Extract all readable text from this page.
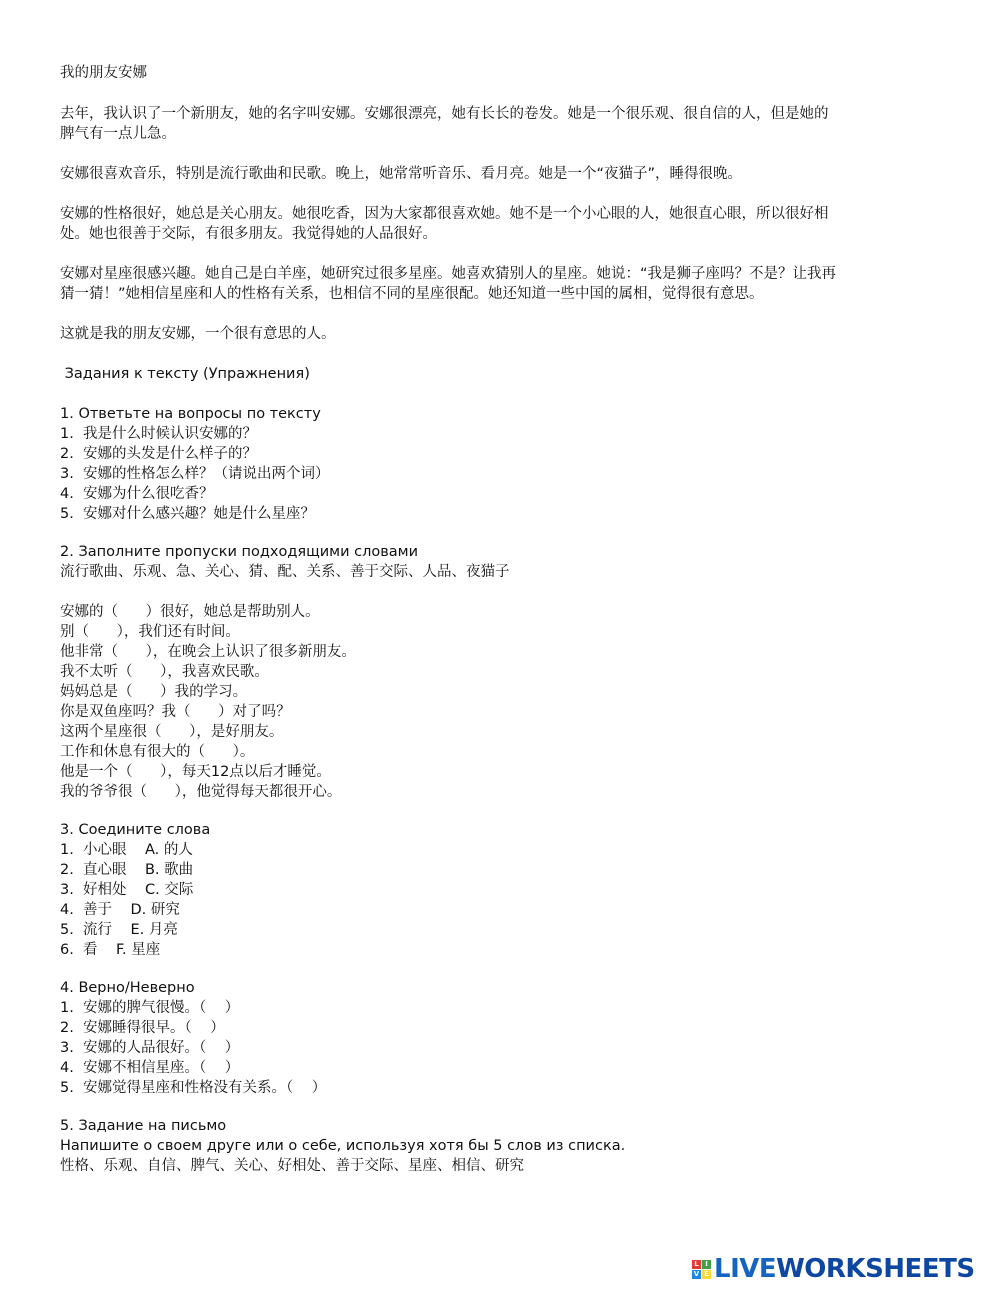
我的朋友安娜

去年，我认识了一个新朋友，她的名字叫安娜。安娜很漂亮，她有长长的卷发。她是一个很乐观、很自信的人，但是她的

脾气有一点儿急。

安娜很喜欢音乐，特别是流行歌曲和民歌。晚上，她常常听音乐、看月亮。她是一个“夜猫子”，睡得很晚。

安娜的性格很好，她总是关心朋友。她很吃香，因为大家都很喜欢她。她不是一个小心眼的人，她很直心眼，所以很好相

处。她也很善于交际，有很多朋友。我觉得她的人品很好。

安娜对星座很感兴趣。她自己是白羊座，她研究过很多星座。她喜欢猜别人的星座。她说：“我是狮子座吗？不是？让我再

猜一猜！”她相信星座和人的性格有关系，也相信不同的星座很配。她还知道一些中国的属相，觉得很有意思。

这就是我的朋友安娜，一个很有意思的人。

Задания к тексту (Упражнения)

1. Ответьте на вопросы по тексту

1.  我是什么时候认识安娜的？

2.  安娜的头发是什么样子的？

3.  安娜的性格怎么样？（请说出两个词）

4.  安娜为什么很吃香？

5.  安娜对什么感兴趣？她是什么星座？

2. Заполните пропуски подходящими словами

流行歌曲、乐观、急、关心、猜、配、关系、善于交际、人品、夜猫子

安娜的（      ）很好，她总是帮助别人。

别（      ），我们还有时间。

他非常（      ），在晚会上认识了很多新朋友。

我不太听（      ），我喜欢民歌。

妈妈总是（      ）我的学习。

你是双鱼座吗？我（      ）对了吗？

这两个星座很（      ），是好朋友。

工作和休息有很大的（      ）。

他是一个（      ），每天12点以后才睡觉。

我的爷爷很（      ），他觉得每天都很开心。

3. Соедините слова

1.  小心眼    A. 的人

2.  直心眼    B. 歌曲

3.  好相处    C. 交际

4.  善于    D. 研究

5.  流行    E. 月亮

6.  看    F. 星座

4. Верно/Неверно

1.  安娜的脾气很慢。（    ）

2.  安娜睡得很早。（    ）

3.  安娜的人品很好。（    ）

4.  安娜不相信星座。（    ）

5.  安娜觉得星座和性格没有关系。（    ）

5. Задание на письмо

Напишите о своем друге или о себе, используя хотя бы 5 слов из списка.

性格、乐观、自信、脾气、关心、好相处、善于交际、星座、相信、研究

L I
V E LIVEWORKSHEETS
